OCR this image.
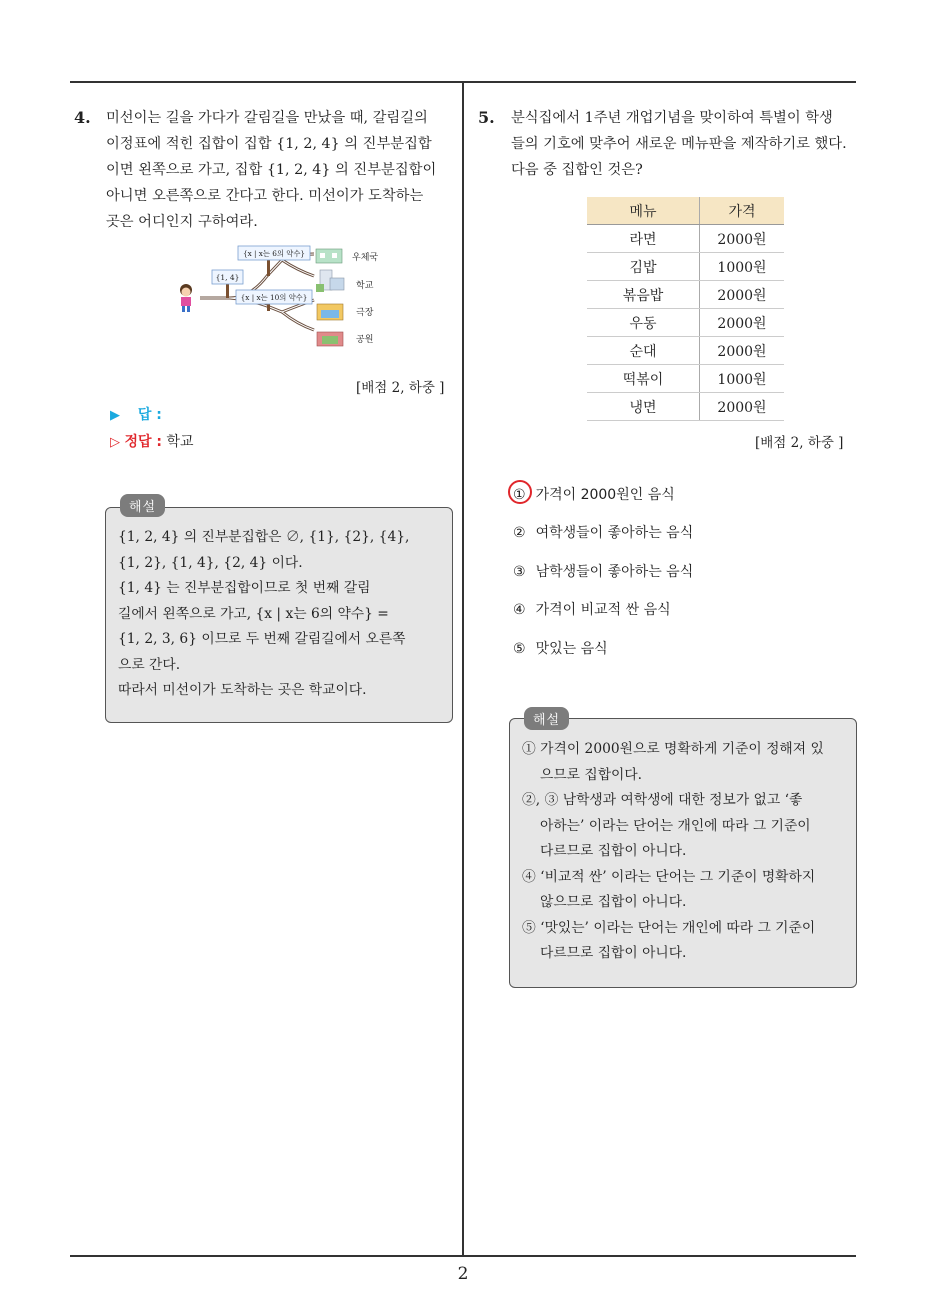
4. 미선이는 길을 가다가 갈림길을 만났을 때, 갈림길의
이정표에 적힌 집합이 집합 {1, 2, 4} 의 진부분집합
이면 왼쪽으로 가고, 집합 {1, 2, 4} 의 진부분집합이
아니면 오른쪽으로 간다고 한다. 미선이가 도착하는
곳은 어디인지 구하여라.
{1, 4}
{x | x는 6의 약수}
{x | x는 10의 약수}
우체국
학교
극장
공원
[배점 2, 하중 ]
▶ 답 :
▷ 정답 : 학교
{1, 2, 4} 의 진부분집합은 ∅, {1}, {2}, {4},
{1, 2}, {1, 4}, {2, 4} 이다.
{1, 4} 는 진부분집합이므로 첫 번째 갈림
길에서 왼쪽으로 가고, {x | x는 6의 약수} =
{1, 2, 3, 6} 이므로 두 번째 갈림길에서 오른쪽
으로 간다.
따라서 미선이가 도착하는 곳은 학교이다.
해설
5. 분식집에서 1주년 개업기념을 맞이하여 특별이 학생
들의 기호에 맞추어 새로운 메뉴판을 제작하기로 했다.
다음 중 집합인 것은?
메뉴	가격
라면	2000원
김밥	1000원
볶음밥	2000원
우동	2000원
순대	2000원
떡볶이	1000원
냉면	2000원
[배점 2, 하중 ]
① 가격이 2000원인 음식
② 여학생들이 좋아하는 음식
③ 남학생들이 좋아하는 음식
④ 가격이 비교적 싼 음식
⑤ 맛있는 음식
① 가격이 2000원으로 명확하게 기준이 정해져 있
으므로 집합이다.
②, ③ 남학생과 여학생에 대한 정보가 없고 ‘좋
아하는’ 이라는 단어는 개인에 따라 그 기준이
다르므로 집합이 아니다.
④ ‘비교적 싼’ 이라는 단어는 그 기준이 명확하지
않으므로 집합이 아니다.
⑤ ‘맛있는’ 이라는 단어는 개인에 따라 그 기준이
다르므로 집합이 아니다.
해설
2
